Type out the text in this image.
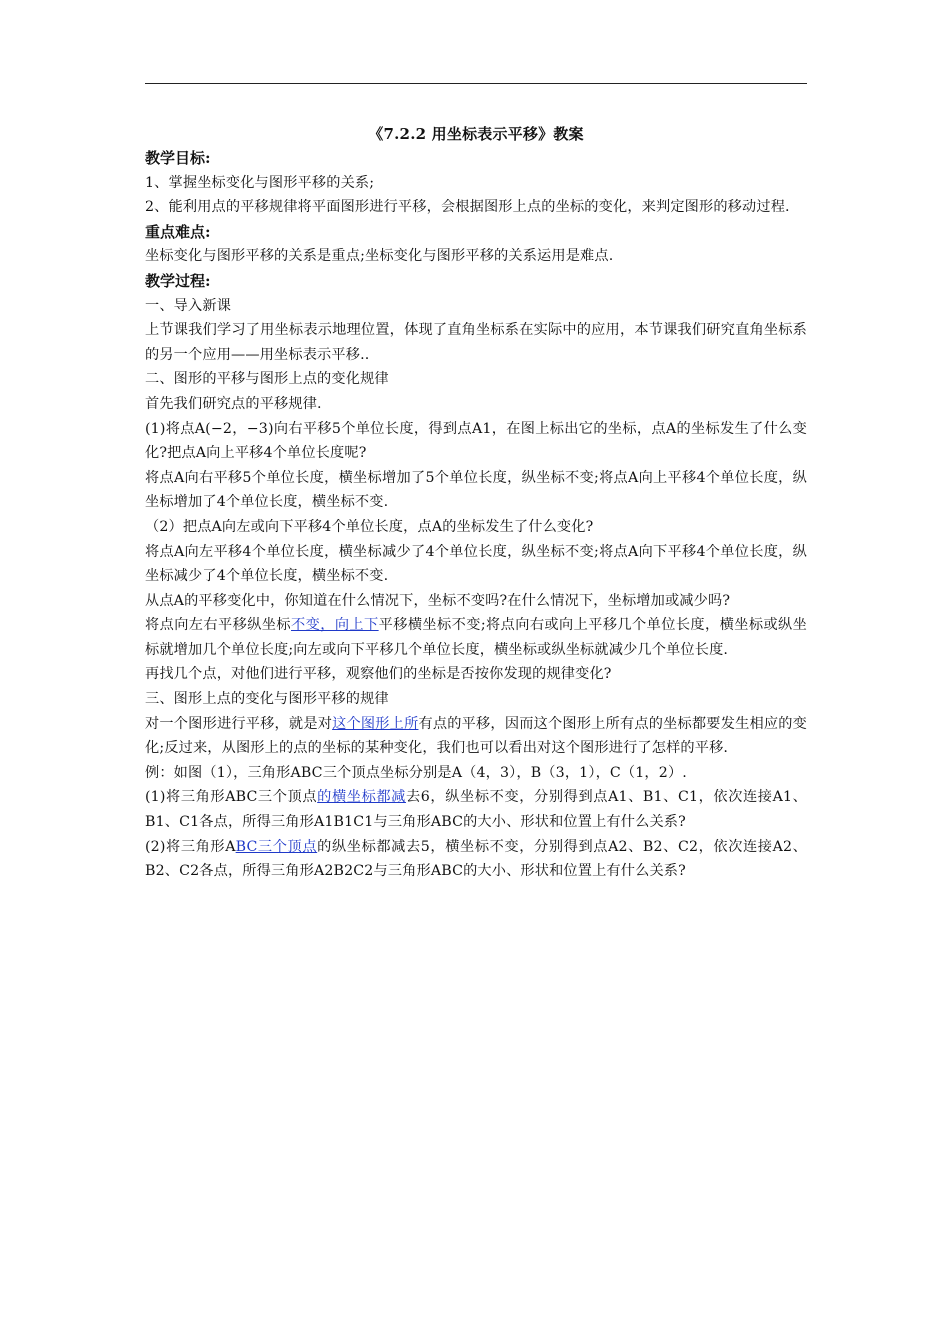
《7.2.2 用坐标表示平移》教案

教学目标:

1、掌握坐标变化与图形平移的关系;

2、能利用点的平移规律将平面图形进行平移，会根据图形上点的坐标的变化，来判定图形的移动过程.

重点难点:

坐标变化与图形平移的关系是重点;坐标变化与图形平移的关系运用是难点.

教学过程:

一、导入新课

上节课我们学习了用坐标表示地理位置，体现了直角坐标系在实际中的应用，本节课我们研究直角坐标系的另一个应用——用坐标表示平移..

二、图形的平移与图形上点的变化规律

首先我们研究点的平移规律.

(1)将点A(−2，−3)向右平移5个单位长度，得到点A1，在图上标出它的坐标，点A的坐标发生了什么变化?把点A向上平移4个单位长度呢?

将点A向右平移5个单位长度，横坐标增加了5个单位长度，纵坐标不变;将点A向上平移4个单位长度，纵坐标增加了4个单位长度，横坐标不变.

（2）把点A向左或向下平移4个单位长度，点A的坐标发生了什么变化?

将点A向左平移4个单位长度，横坐标减少了4个单位长度，纵坐标不变;将点A向下平移4个单位长度，纵坐标减少了4个单位长度，横坐标不变.

从点A的平移变化中，你知道在什么情况下，坐标不变吗?在什么情况下，坐标增加或减少吗?

将点向左右平移纵坐标不变，向上下平移横坐标不变;将点向右或向上平移几个单位长度，横坐标或纵坐标就增加几个单位长度;向左或向下平移几个单位长度，横坐标或纵坐标就减少几个单位长度.

再找几个点，对他们进行平移，观察他们的坐标是否按你发现的规律变化?

三、图形上点的变化与图形平移的规律

对一个图形进行平移，就是对这个图形上所有点的平移，因而这个图形上所有点的坐标都要发生相应的变化;反过来，从图形上的点的坐标的某种变化，我们也可以看出对这个图形进行了怎样的平移.

例：如图（1），三角形ABC三个顶点坐标分别是A（4，3），B（3，1），C（1，2）.

(1)将三角形ABC三个顶点的横坐标都减去6，纵坐标不变，分别得到点A1、B1、C1，依次连接A1、B1、C1各点，所得三角形A1B1C1与三角形ABC的大小、形状和位置上有什么关系?

(2)将三角形ABC三个顶点的纵坐标都减去5，横坐标不变，分别得到点A2、B2、C2，依次连接A2、B2、C2各点，所得三角形A2B2C2与三角形ABC的大小、形状和位置上有什么关系?
